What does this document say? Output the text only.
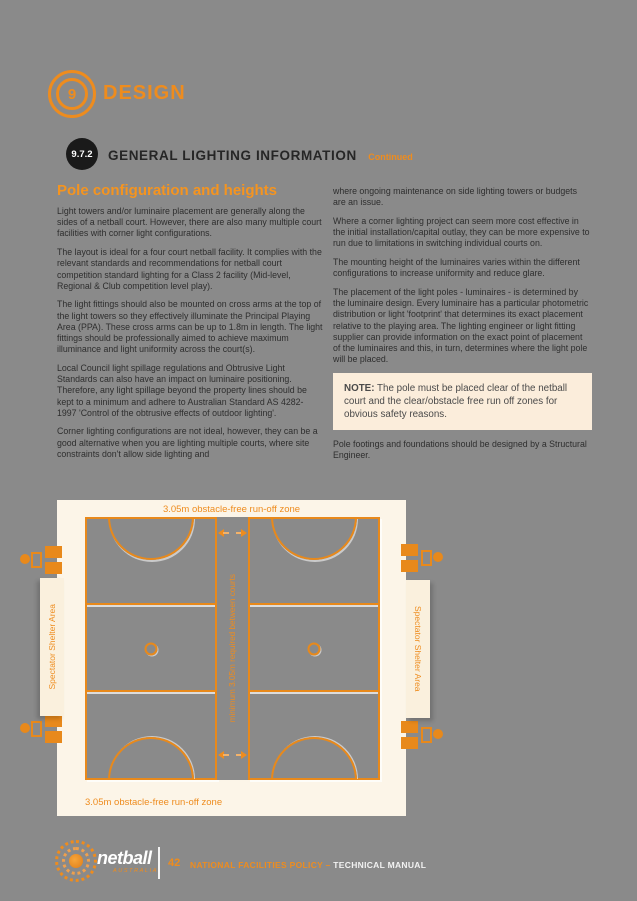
9 DESIGN
9.7.2	GENERAL LIGHTING INFORMATION Continued
Pole configuration and heights

Light towers and/or luminaire placement are generally along the sides of a netball court. However, there are also many multiple court facilities with corner light configurations.

The layout is ideal for a four court netball facility. It complies with the relevant standards and recommendations for netball court competition standard lighting for a Class 2 facility (Mid-level, Regional & Club competition level play).

The light fittings should also be mounted on cross arms at the top of the light towers so they effectively illuminate the Principal Playing Area (PPA). These cross arms can be up to 1.8m in length. The light fittings should be professionally aimed to achieve maximum illuminance and light uniformity across the court(s).

Local Council light spillage regulations and Obtrusive Light Standards can also have an impact on luminaire positioning. Therefore, any light spillage beyond the property lines should be kept to a minimum and adhere to Australian Standard AS 4282-1997 'Control of the obtrusive effects of outdoor lighting'.

Corner lighting configurations are not ideal, however, they can be a good alternative when you are lighting multiple courts, where site constraints don't allow side lighting and

where ongoing maintenance on side lighting towers or budgets are an issue.

Where a corner lighting project can seem more cost effective in the initial installation/capital outlay, they can be more expensive to run due to limitations in switching individual courts on.

The mounting height of the luminaires varies within the different configurations to increase uniformity and reduce glare.

The placement of the light poles - luminaires - is determined by the luminaire design. Every luminaire has a particular photometric distribution or light 'footprint' that determines its exact placement relative to the playing area. The lighting engineer or light fitting supplier can provide information on the exact point of placement of the luminaires and this, in turn, determines where the light pole will be placed.

NOTE: The pole must be placed clear of the netball court and the clear/obstacle free run off zones for obvious safety reasons.

Pole footings and foundations should be designed by a Structural Engineer.

3.05m obstacle-free run-off zone
minimum 3.05m required between courts
3.05m obstacle-free run-off zone
Spectator Shelter Area	Spectator Shelter Area
netball
AUSTRALIA
42 NATIONAL FACILITIES POLICY – TECHNICAL MANUAL
